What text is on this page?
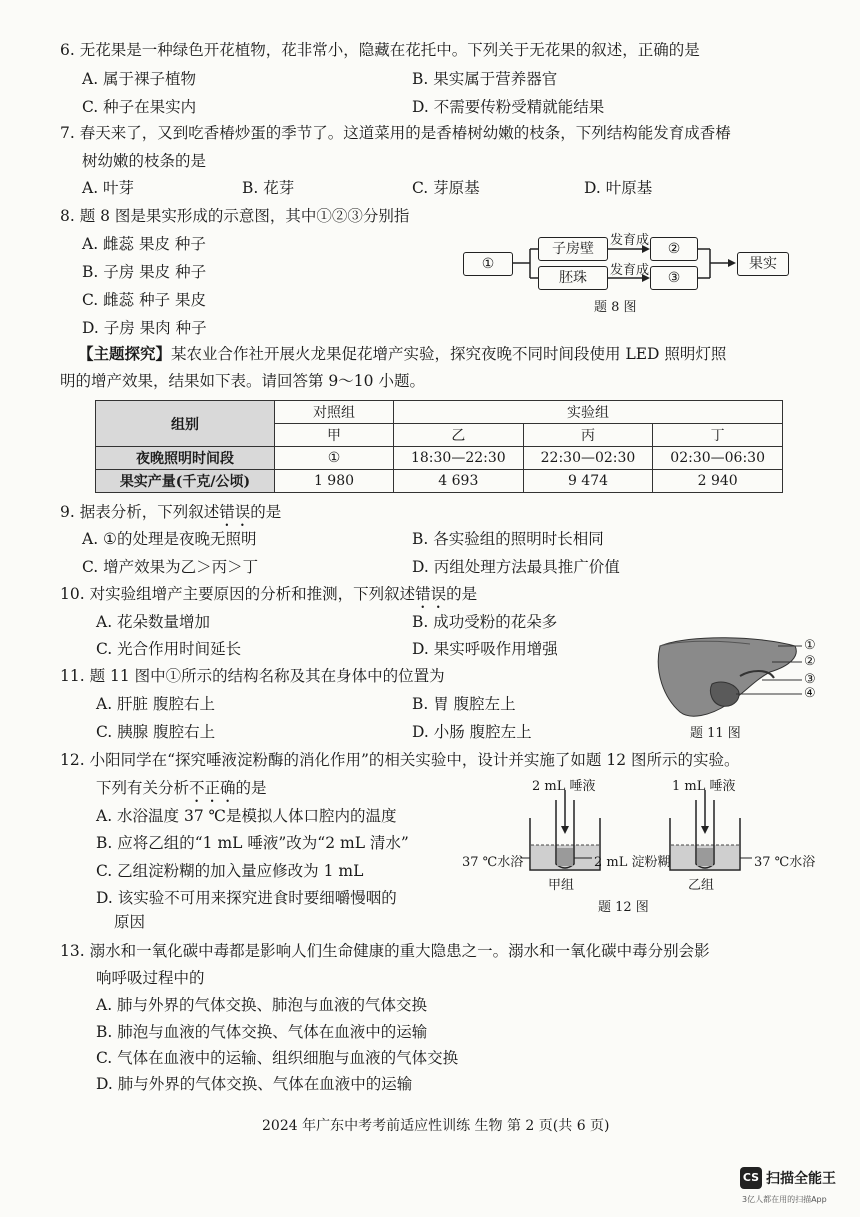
6. 无花果是一种绿色开花植物，花非常小，隐藏在花托中。下列关于无花果的叙述，正确的是
A. 属于裸子植物	B. 果实属于营养器官
C. 种子在果实内	D. 不需要传粉受精就能结果
7. 春天来了，又到吃香椿炒蛋的季节了。这道菜用的是香椿树幼嫩的枝条，下列结构能发育成香椿
树幼嫩的枝条的是
A. 叶芽	B. 花芽	C. 芽原基	D. 叶原基
8. 题 8 图是果实形成的示意图，其中①②③分别指
A. 雌蕊 果皮 种子
B. 子房 果皮 种子
C. 雌蕊 种子 果皮
D. 子房 果肉 种子
①
子房壁
胚珠
发育成
发育成
②
③
果实
题 8 图
【主题探究】某农业合作社开展火龙果促花增产实验，探究夜晚不同时间段使用 LED 照明灯照
明的增产效果，结果如下表。请回答第 9～10 小题。
组别	对照组	实验组		
	甲	乙	丙	丁
夜晚照明时间段	①	18:30—22:30	22:30—02:30	02:30—06:30
果实产量(千克/公顷)	1 980	4 693	9 474	2 940
9. 据表分析，下列叙述错误的是
A. ①的处理是夜晚无照明	B. 各实验组的照明时长相同
C. 增产效果为乙＞丙＞丁	D. 丙组处理方法最具推广价值
10. 对实验组增产主要原因的分析和推测，下列叙述错误的是
A. 花朵数量增加	B. 成功受粉的花朵多
C. 光合作用时间延长	D. 果实呼吸作用增强
11. 题 11 图中①所示的结构名称及其在身体中的位置为
A. 肝脏 腹腔右上	B. 胃 腹腔左上
C. 胰腺 腹腔右上	D. 小肠 腹腔左上
①
②
③
④
题 11 图
12. 小阳同学在“探究唾液淀粉酶的消化作用”的相关实验中，设计并实施了如题 12 图所示的实验。
下列有关分析不正确的是
A. 水浴温度 37 ℃是模拟人体口腔内的温度
B. 应将乙组的“1 mL 唾液”改为“2 mL 清水”
C. 乙组淀粉糊的加入量应修改为 1 mL
D. 该实验不可用来探究进食时要细嚼慢咽的
原因
2 mL 唾液	1 mL 唾液
37 ℃水浴	2 mL 淀粉糊	37 ℃水浴
甲组	乙组
题 12 图
13. 溺水和一氧化碳中毒都是影响人们生命健康的重大隐患之一。溺水和一氧化碳中毒分别会影
响呼吸过程中的
A. 肺与外界的气体交换、肺泡与血液的气体交换
B. 肺泡与血液的气体交换、气体在血液中的运输
C. 气体在血液中的运输、组织细胞与血液的气体交换
D. 肺与外界的气体交换、气体在血液中的运输
2024 年广东中考考前适应性训练 生物 第 2 页(共 6 页)
CS 扫描全能王
3亿人都在用的扫描App
